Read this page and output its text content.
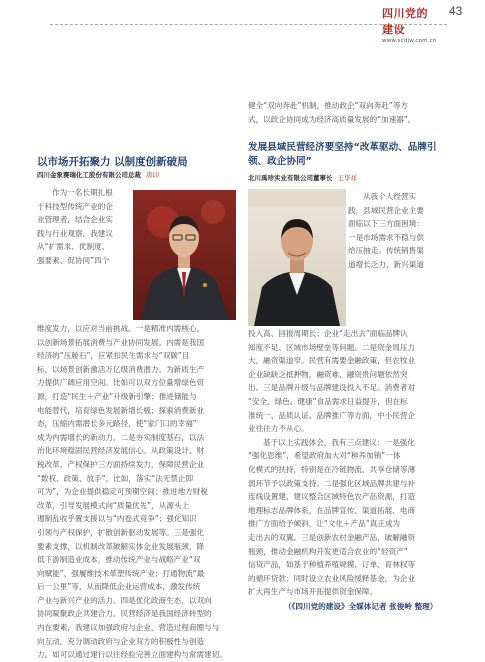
四川党的建设
www.scdjw.com.cn
43
以市场开拓聚力 以制度创新破局
四川金象赛瑞化工股份有限公司总裁 唐印

作为一名长期扎根

于科技型传统产业的企

业管理者，结合企业实

践与行业观察，我建议

从“扩需求、优制度、

强要素、促协同”四个

维度发力，以应对当前挑战。一是精准内需核心，

以创新场景拓展消费与产业协同发展。内需是我国

经济的“压舱石”，应紧扣民生需求与“双碳”目

标，以场景创新激活万亿级消费潜力。为新质生产

力提供广阔应用空间。比如可以双方位量增绿色资

源，打造“民生＋产业”升级新引擎；推进储能与

电能替代，培育绿色发展新增长极；探索消费新业

态，压缩内需潜长多元路径，使“家门口的幸福”

成为内需增长的新动力。二是夯实制度基石，以法

治化环境稳固民营经济发展信心。从政策设计、财

税改革、产权保护三方面持续发力，保障民营企业

“数权、政策、放手”，比如，落实“法无禁止即

可为”，为企业提供稳定可预期空间；推进地方财税

改革，引导发展模式向“质量优先”，从源头上

遏制乱收乎置支援以与“内卷式竞争”；强化知识

引领与产权保护，扩散创新驱动发展等。三是强化

要素支撑，以机制改革破解实体企业发展瓶颈，降

低下游制造业成本，推动传统产业与战略产业“双

向赋能”，强履维技术革塑传统产业；打通物流“最

后一公里”等，从而降低企业运营成本，激发传统

产业与新兴产业的活力。四是优化政商生态，以双向

协同凝聚政企共建合力。民营经济是我国经济转型的

内在要素，我建议加强政府与企业，营造过程商圈与与

向互动，充分调动政府与企业双方的积极性与创造

力。如可以通过建行以往经验完善立面建构与常需建切。

健全“双向奔赴”机制，推动政企“双向奔赴”等方

式，以政企协同成为经济高质量发展的“加速器”。

发展县域民营经济要坚持“改革驱动、品牌引领、政企协同”
北川禹珍实业有限公司董事长 王华祥

从我个人经营实

践，县域民营企业主要

面临以下三方面困境：

一是市场需求不稳与供

给压抽走。传统销售渠

道增长乏力，新兴渠道

投入高、回报周期长；企业“走出去”面临品牌认

知度不足、区域市场壁垒等问题。二是资金周压力

大，融资渠道窄。民营有需要金融政策，但农牧业

企业缺缺乏抵押物，融资难、融资贵问题依然突

出。三是品牌升级与品牌建设投入不足。消费者对

“安全、绿色、健康”食品需求日益提升，但在标

准统一、品质认证、品牌推广等方面，中小民营企

业往往力不从心。

基于以上实践体会，我有三点建议：一是强化

“强化思维”，希望政府加大对“种养加销”一体

化模式的扶持，特别是在冷链物流、共享仓储等薄

弱环节予以政策支持。二是强化区域品牌共建与补

连线设置建，建议整合区域特色农产品资源，打造

地理标志品牌体系，在品牌宣传、渠道拓展、电商

推广方面给予倾斜，让“文化＋产品”真正成为

走出去的双翼。三是创新农村金融产品，破解融资

瓶颈，推动金融机构开发更适合农业的“轻资产”

信贷产品，如基于种植养殖规模、订单、育林权等

的循环贷款；同时设立农业风险缓释基金，为企业

扩大再生产与市场开拓提供资金保障。

（《四川党的建设》全媒体记者 张俊岭 整理）
